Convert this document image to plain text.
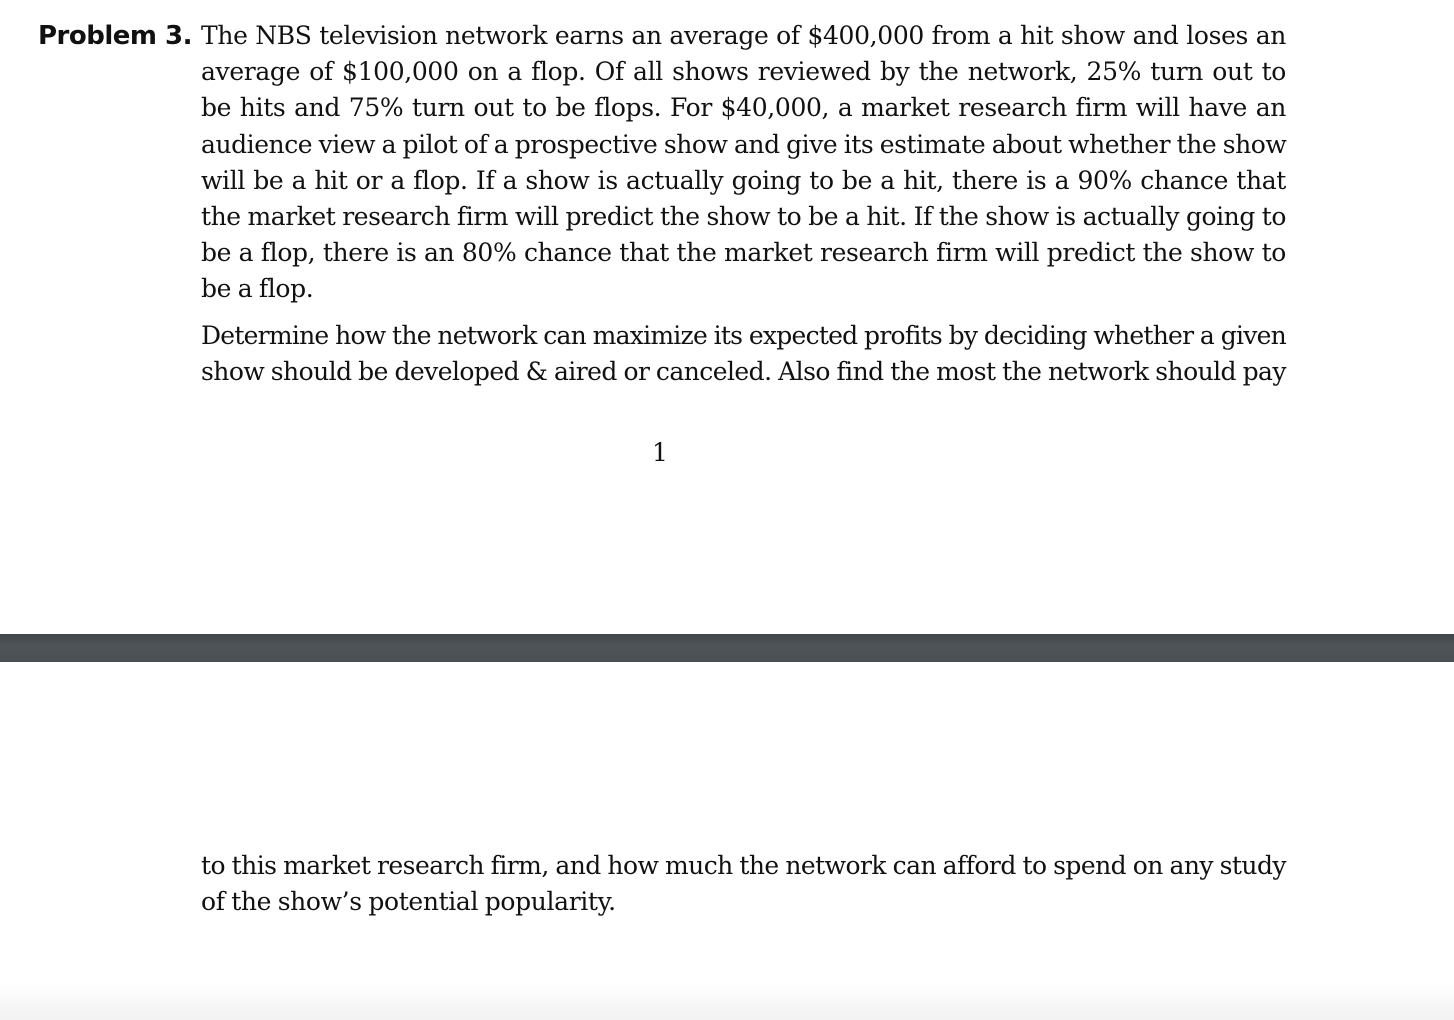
Problem 3. The NBS television network earns an average of $400,000 from a hit show and loses an
average of $100,000 on a flop. Of all shows reviewed by the network, 25% turn out to
be hits and 75% turn out to be flops. For $40,000, a market research firm will have an
audience view a pilot of a prospective show and give its estimate about whether the show
will be a hit or a flop. If a show is actually going to be a hit, there is a 90% chance that
the market research firm will predict the show to be a hit. If the show is actually going to
be a flop, there is an 80% chance that the market research firm will predict the show to
be a flop.
Determine how the network can maximize its expected profits by deciding whether a given
show should be developed & aired or canceled. Also find the most the network should pay
1
to this market research firm, and how much the network can afford to spend on any study
of the show’s potential popularity.
